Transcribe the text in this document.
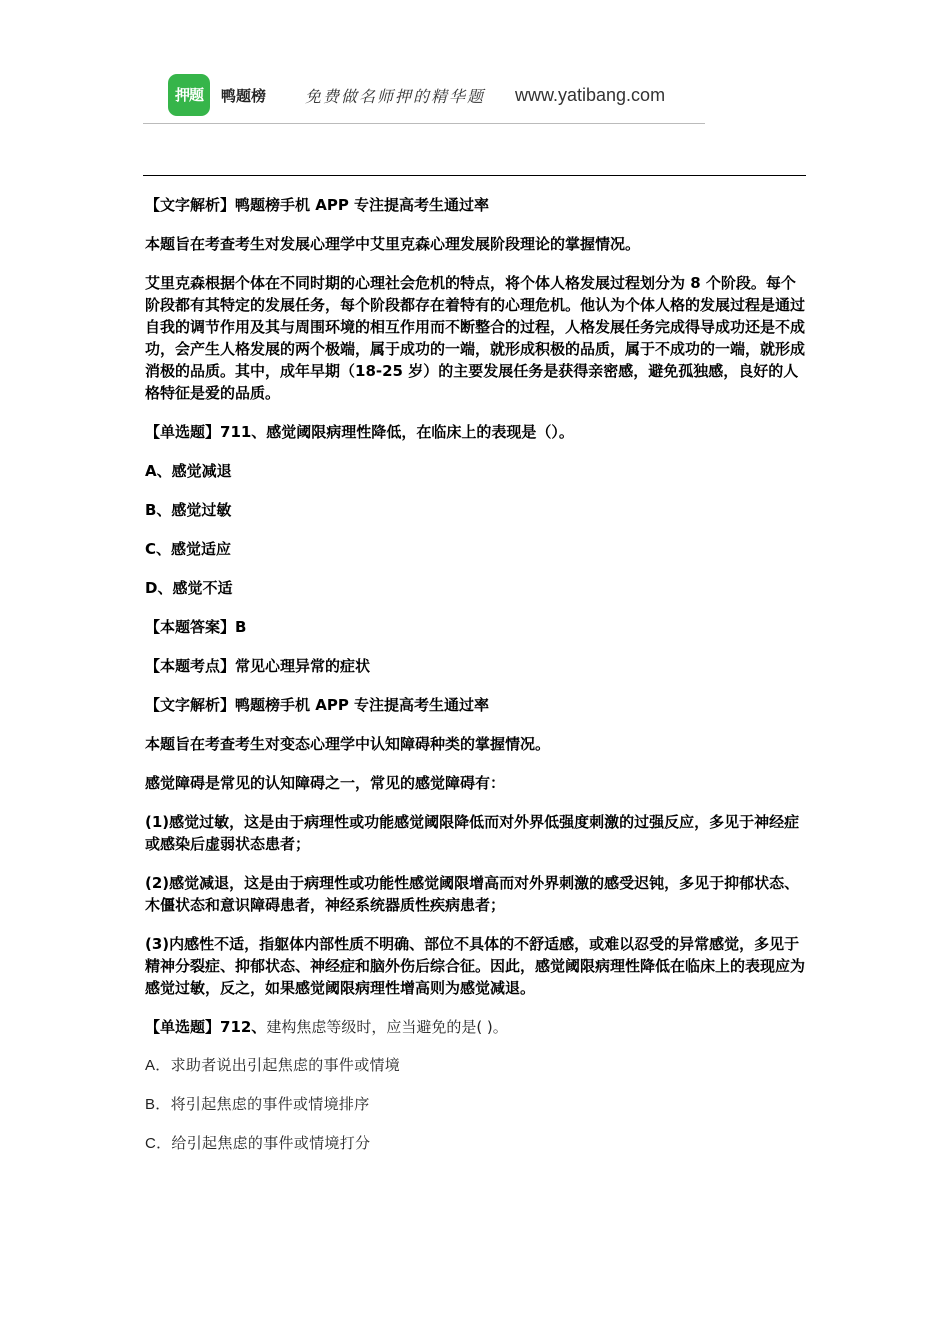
押题	鸭题榜 免费做名师押的精华题 www.yatibang.com

【文字解析】鸭题榜手机 APP 专注提高考生通过率

本题旨在考查考生对发展心理学中艾里克森心理发展阶段理论的掌握情况。

艾里克森根据个体在不同时期的心理社会危机的特点，将个体人格发展过程划分为 8 个阶段。每个阶段都有其特定的发展任务，每个阶段都存在着特有的心理危机。他认为个体人格的发展过程是通过自我的调节作用及其与周围环境的相互作用而不断整合的过程，人格发展任务完成得导成功还是不成功，会产生人格发展的两个极端，属于成功的一端，就形成积极的品质，属于不成功的一端，就形成消极的品质。其中，成年早期（18-25 岁）的主要发展任务是获得亲密感，避免孤独感，良好的人格特征是爱的品质。

【单选题】711、感觉阈限病理性降低，在临床上的表现是（）。

A、感觉减退

B、感觉过敏

C、感觉适应

D、感觉不适

【本题答案】B

【本题考点】常见心理异常的症状

【文字解析】鸭题榜手机 APP 专注提高考生通过率

本题旨在考查考生对变态心理学中认知障碍种类的掌握情况。

感觉障碍是常见的认知障碍之一，常见的感觉障碍有：

(1)感觉过敏，这是由于病理性或功能感觉阈限降低而对外界低强度刺激的过强反应，多见于神经症或感染后虚弱状态患者；

(2)感觉减退，这是由于病理性或功能性感觉阈限增高而对外界刺激的感受迟钝，多见于抑郁状态、木僵状态和意识障碍患者，神经系统器质性疾病患者；

(3)内感性不适，指躯体内部性质不明确、部位不具体的不舒适感，或难以忍受的异常感觉，多见于精神分裂症、抑郁状态、神经症和脑外伤后综合征。因此，感觉阈限病理性降低在临床上的表现应为感觉过敏，反之，如果感觉阈限病理性增高则为感觉减退。

【单选题】712、建构焦虑等级时，应当避免的是( )。

A．求助者说出引起焦虑的事件或情境

B．将引起焦虑的事件或情境排序

C．给引起焦虑的事件或情境打分
